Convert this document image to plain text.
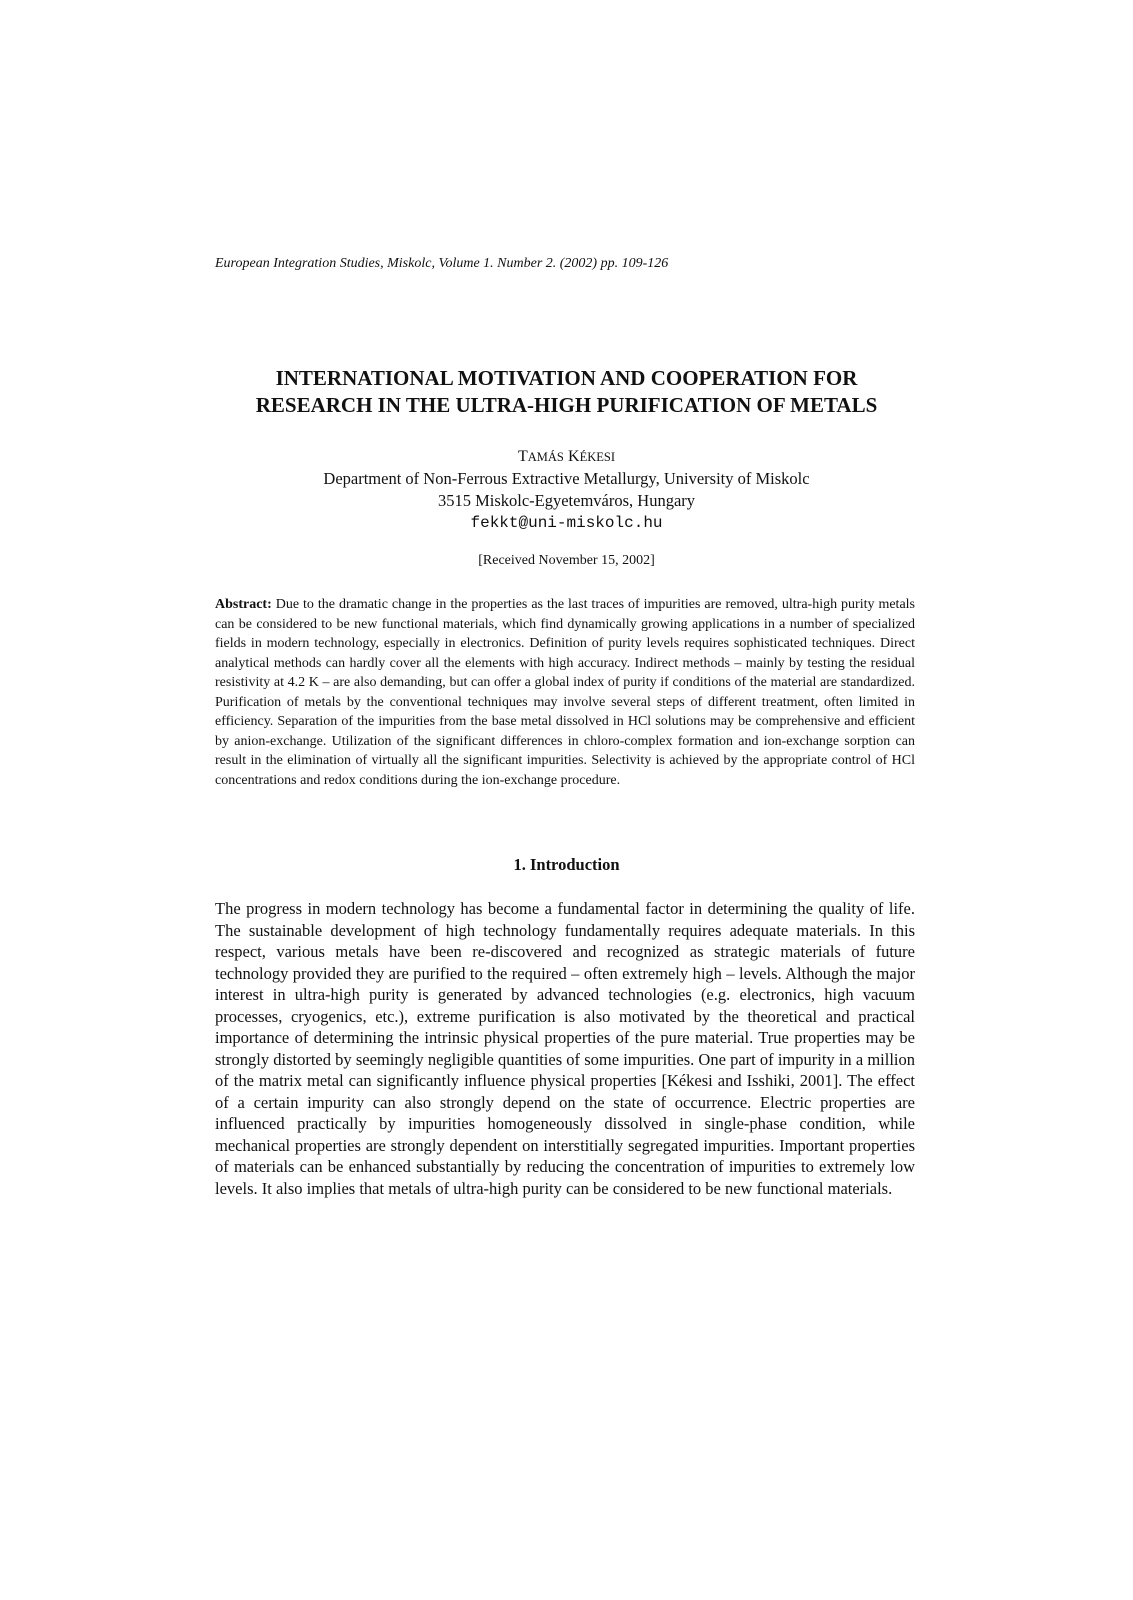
European Integration Studies, Miskolc, Volume 1. Number 2. (2002) pp. 109-126
INTERNATIONAL MOTIVATION AND COOPERATION FOR
RESEARCH IN THE ULTRA-HIGH PURIFICATION OF METALS
TAMÁS KÉKESI
Department of Non-Ferrous Extractive Metallurgy, University of Miskolc
3515 Miskolc-Egyetemváros, Hungary
fekkt@uni-miskolc.hu
[Received November 15, 2002]
Abstract: Due to the dramatic change in the properties as the last traces of impurities are removed, ultra-high purity metals can be considered to be new functional materials, which find dynamically growing applications in a number of specialized fields in modern technology, especially in electronics. Definition of purity levels requires sophisticated techniques. Direct analytical methods can hardly cover all the elements with high accuracy. Indirect methods – mainly by testing the residual resistivity at 4.2 K – are also demanding, but can offer a global index of purity if conditions of the material are standardized. Purification of metals by the conventional techniques may involve several steps of different treatment, often limited in efficiency. Separation of the impurities from the base metal dissolved in HCl solutions may be comprehensive and efficient by anion-exchange. Utilization of the significant differences in chloro-complex formation and ion-exchange sorption can result in the elimination of virtually all the significant impurities. Selectivity is achieved by the appropriate control of HCl concentrations and redox conditions during the ion-exchange procedure.
1. Introduction
The progress in modern technology has become a fundamental factor in determining the quality of life. The sustainable development of high technology fundamentally requires adequate materials. In this respect, various metals have been re-discovered and recognized as strategic materials of future technology provided they are purified to the required – often extremely high – levels. Although the major interest in ultra-high purity is generated by advanced technologies (e.g. electronics, high vacuum processes, cryogenics, etc.), extreme purification is also motivated by the theoretical and practical importance of determining the intrinsic physical properties of the pure material. True properties may be strongly distorted by seemingly negligible quantities of some impurities. One part of impurity in a million of the matrix metal can significantly influence physical properties [Kékesi and Isshiki, 2001]. The effect of a certain impurity can also strongly depend on the state of occurrence. Electric properties are influenced practically by impurities homogeneously dissolved in single-phase condition, while mechanical properties are strongly dependent on interstitially segregated impurities. Important properties of materials can be enhanced substantially by reducing the concentration of impurities to extremely low levels. It also implies that metals of ultra-high purity can be considered to be new functional materials.
